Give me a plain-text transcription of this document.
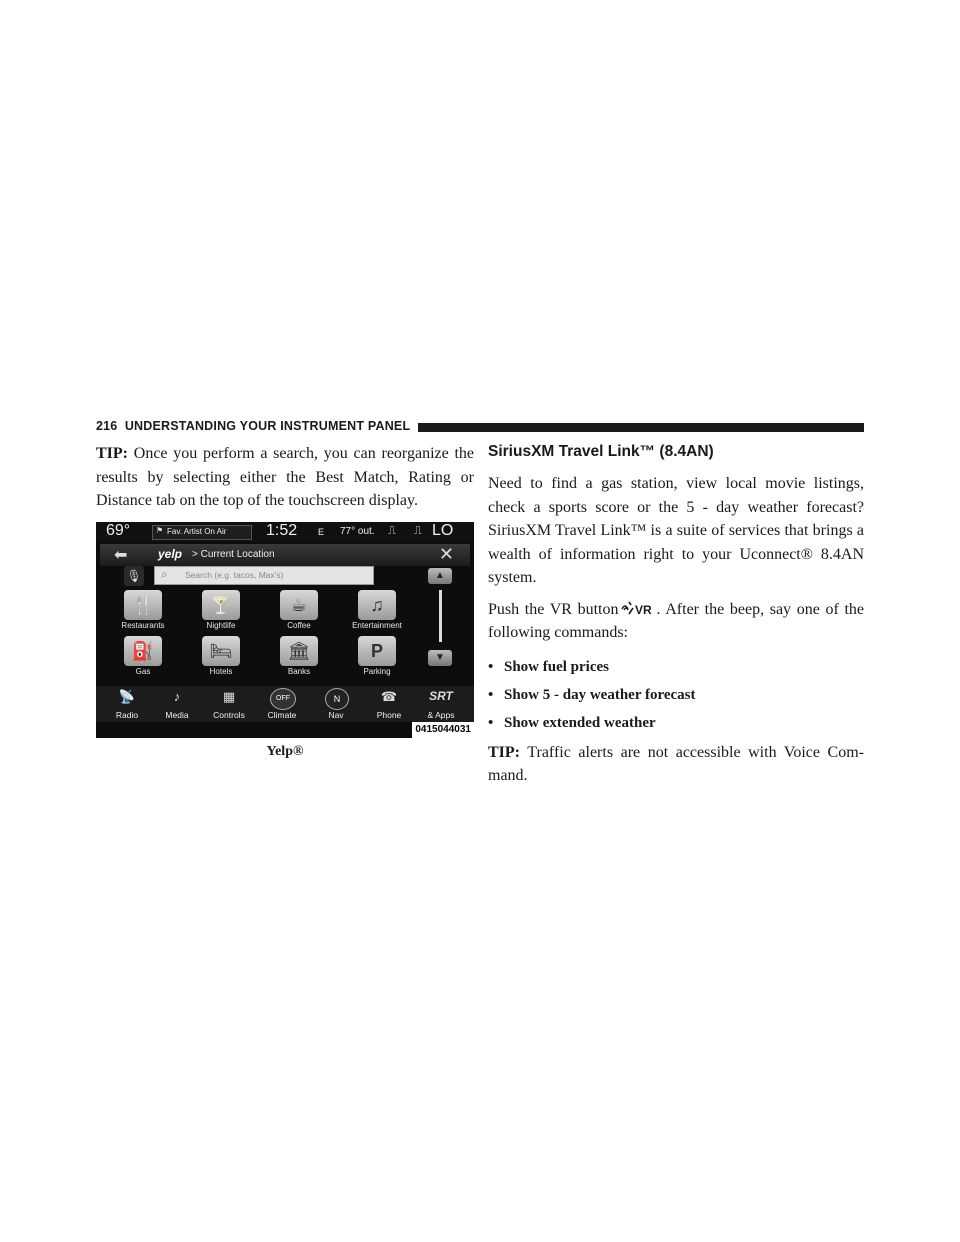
216 UNDERSTANDING YOUR INSTRUMENT PANEL

TIP: Once you perform a search, you can reorganize the results by selecting either the Best Match, Rating or Distance tab on the top of the touchscreen display.

69°	⚑ Fav. Artist On Air 1:52 E 77° out. ⎍ ⎍ LO
⬅	yelp > Current Location	✕
🎙 ⌕ Search (e.g. tacos, Max's)
🍴
Restaurants
🍸
Nightlife
☕
Coffee
♫
Entertainment
⛽
Gas
🛏
Hotels
🏛
Banks
P
Parking
▲
▼
📡
Radio
♪
Media
▦
Controls
OFF
Climate
N
Nav
☎
Phone
SRT
& Apps
0415044031
Yelp®
SiriusXM Travel Link™ (8.4AN)

Need to find a gas station, view local movie listings, check a sports score or the 5 - day weather forecast? SiriusXM Travel Link™ is a suite of services that brings a wealth of information right to your Uconnect® 8.4AN system.

Push the VR button VR . After the beep, say one of the following commands:

• Show fuel prices
• Show 5 - day weather forecast
• Show extended weather

TIP: Traffic alerts are not accessible with Voice Com- mand.
